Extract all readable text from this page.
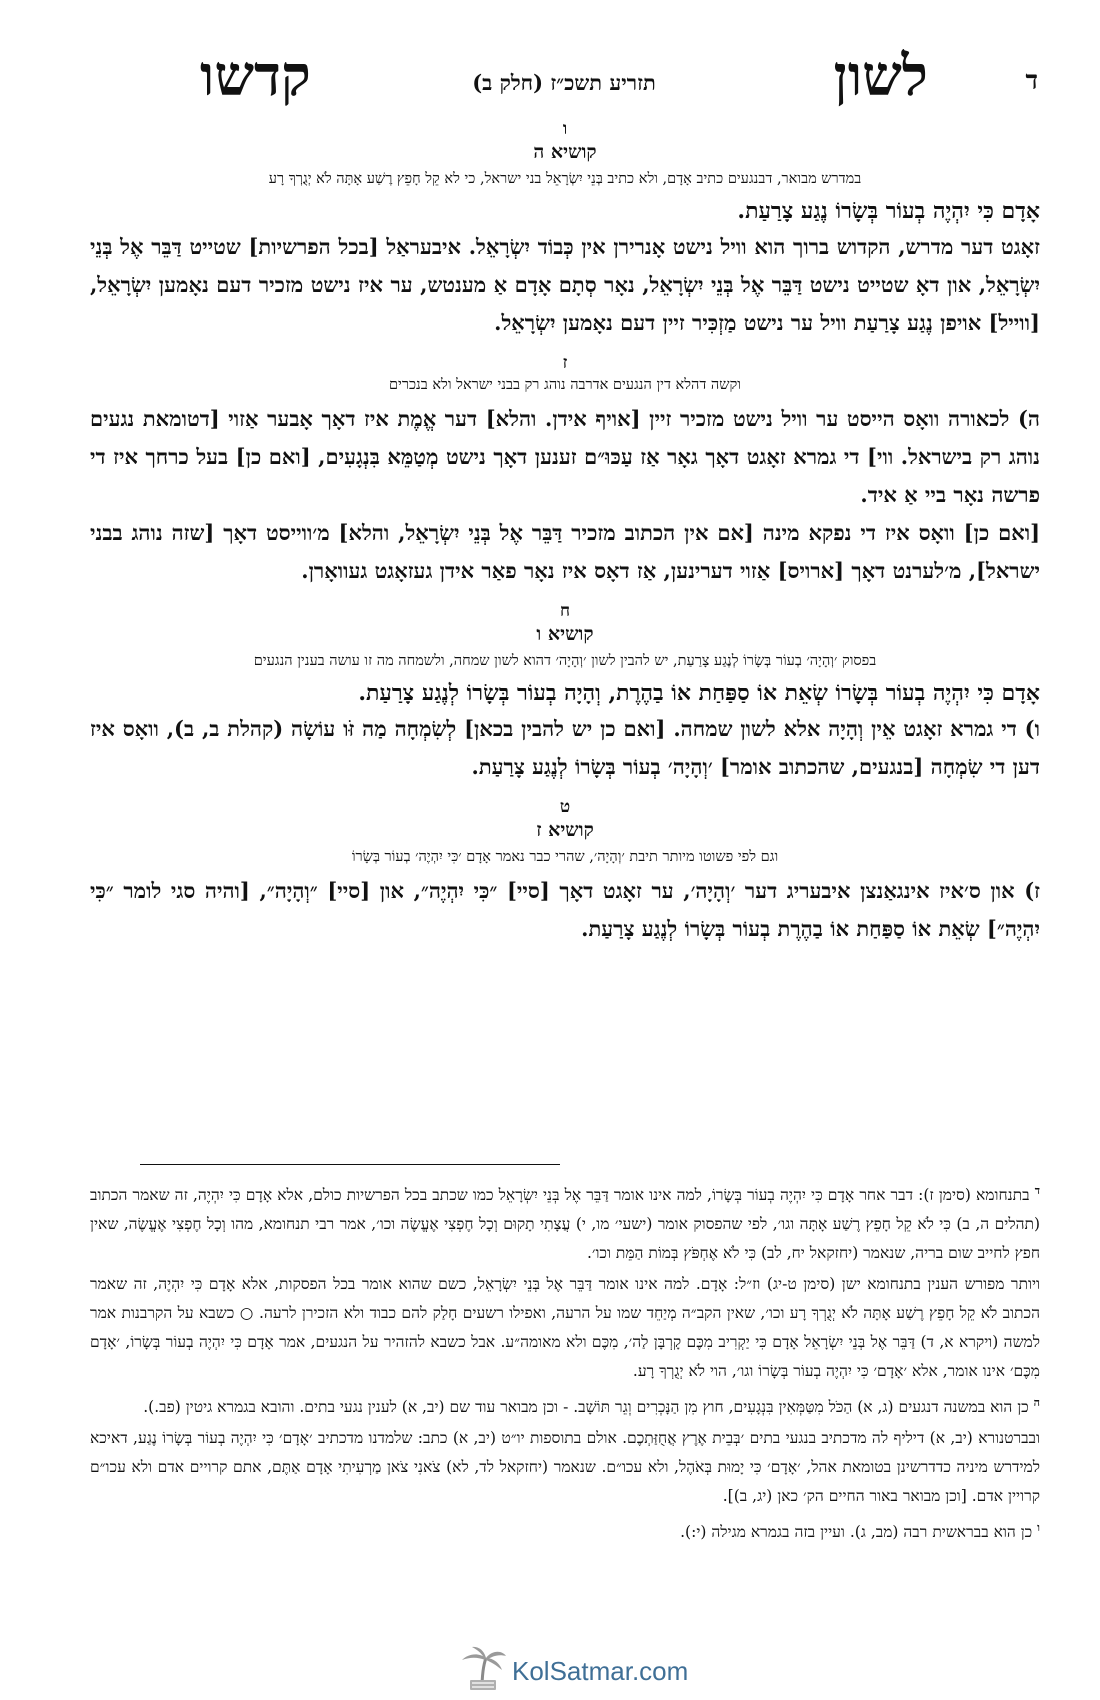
ד
לשון
תזריע תשכ״ז (חלק ב)
קדשו

ו

קושיא ה

במדרש מבואר, דבנגעים כתיב אָדָם, ולא כתיב בְּנֵי יִשְׂרָאֵל בני ישראל, כי לא קֵל חָפֵץ רֶשַׁע אָתָּה לֹא יְגֻרְךָ רָע

אָדָם כִּי יִהְיֶה בְעוֹר בְּשָׂרוֹ נֶגַע צָרַעַת.

זאָגט דער מדרש, הקדוש ברוך הוא וויל נישט אָנרירן אין כְּבוֹד יִשְׂרָאֵל. איבעראַל [בכל הפרשיות] שטייט דַּבֵּר אֶל בְּנֵי יִשְׂרָאֵל, און דאָ שטייט נישט דַּבֵּר אֶל בְּנֵי יִשְׂרָאֵל, נאָר סְתָם אָדָם אַ מענטש, ער איז נישט מזכיר דעם נאָמען יִשְׂרָאֵל, [ווייל] אויפן נֶגַע צָרַעַת וויל ער נישט מַזְכִּיר זיין דעם נאָמען יִשְׂרָאֵל.

ז

וקשה דהלא דין הנגעים אדרבה נוהג רק בבני ישראל ולא בנכרים

ה) לכאורה וואָס הייסט ער וויל נישט מזכיר זיין [אויף אידן. והלא] דער אֱמֶת איז דאָך אָבער אַזוי [דטומאת נגעים נוהג רק בישראל. ווי] די גמרא זאָגט דאָך גאָר אַז עַכּוּ״ם זענען דאָך נישט מְטַמֵּא בִּנְגָעִים, [ואם כן] בעל כרחך איז די פרשה נאָר ביי אַ איד.

[ואם כן] וואָס איז די נפקא מינה [אם אין הכתוב מזכיר דַּבֵּר אֶל בְּנֵי יִשְׂרָאֵל, והלא] מ׳ווייסט דאָך [שזה נוהג בבני ישראל], מ׳לערנט דאָך [ארויס] אַזוי דערינען, אַז דאָס איז נאָר פאַר אידן געזאָגט געוואָרן.

ח

קושיא ו

בפסוק ׳וְהָיָה׳ בְעוֹר בְּשָׂרוֹ לְנֶגַע צָרַעַת, יש להבין לשון ׳וְהָיָה׳ דהוא לשון שמחה, ולשמחה מה זו עושה בענין הנגעים

אָדָם כִּי יִהְיֶה בְעוֹר בְּשָׂרוֹ שְׂאֵת אוֹ סַפַּחַת אוֹ בַהֶרֶת, וְהָיָה בְעוֹר בְּשָׂרוֹ לְנֶגַע צָרַעַת.

ו) די גמרא זאָגט אֵין וְהָיָה אלא לשון שמחה. [ואם כן יש להבין בכאן] לְשִׂמְחָה מַה זֹּו עוֹשָׂה (קהלת ב, ב), וואָס איז דען די שִׂמְחָה [בנגעים, שהכתוב אומר] ׳וְהָיָה׳ בְעוֹר בְּשָׂרוֹ לְנֶגַע צָרַעַת.

ט

קושיא ז

וגם לפי פשוטו מיותר תיבת ׳וְהָיָה׳, שהרי כבר נאמר אָדָם ׳כִּי יִהְיֶה׳ בְעוֹר בְּשָׂרוֹ

ז) און ס׳איז אינגאַנצן איבעריג דער ׳וְהָיָה׳, ער זאָגט דאָך [סיי] ״כִּי יִהְיֶה״, און [סיי] ״וְהָיָה״, [והיה סגי לומר ״כִּי יִהְיֶה״] שְׂאֵת אוֹ סַפַּחַת אוֹ בַהֶרֶת בְעוֹר בְּשָׂרוֹ לְנֶגַע צָרַעַת.

$^ד$ בתנחומא (סימן ז): דבר אחר אָדָם כִּי יִהְיֶה בְעוֹר בְּשָׂרוֹ, למה אינו אומר דַּבֵּר אֶל בְּנֵי יִשְׂרָאֵל כמו שכתב בכל הפרשיות כולם, אלא אָדָם כִּי יִהְיֶה, זה שאמר הכתוב (תהלים ה, ב) כִּי לֹא קֵל חָפֵץ רֶשַׁע אָתָּה וגו׳, לפי שהפסוק אומר (ישעי׳ מו, י) עֲצָתִי תָקוּם וְכָל חֶפְצִי אֶעֱשֶׂה וכו׳, אמר רבי תנחומא, מהו וְכָל חֶפְצִי אֶעֱשֶׂה, שאין חפץ לחייב שום בריה, שנאמר (יחזקאל יח, לב) כִּי לֹא אֶחְפֹּץ בְּמוֹת הַמֵּת וכו׳.

ויותר מפורש הענין בתנחומא ישן (סימן ט-יג) וז״ל: אָדָם. למה אינו אומר דַּבֵּר אֶל בְּנֵי יִשְׂרָאֵל, כשם שהוא אומר בכל הפסקות, אלא אָדָם כִּי יִהְיֶה, זה שאמר הכתוב לֹא קֵל חָפֵץ רֶשַׁע אָתָּה לֹא יְגֻרְךָ רָע וכו׳, שאין הקב״ה מְיַחֵד שמו על הרעה, ואפילו רשעים חָלַק להם כבוד ולא הזכירן לרעה. ○ כשבא על הקרבנות אמר למשה (ויקרא א, ד) דַּבֵּר אֶל בְּנֵי יִשְׂרָאֵל אָדָם כִּי יַקְרִיב מִכֶּם קָרְבָּן לַה׳, מִכֶּם ולא מאומה״ע. אבל כשבא להזהיר על הנגעים, אמר אָדָם כִּי יִהְיֶה בְעוֹר בְּשָׂרוֹ, ׳אָדָם מִכֶּם׳ אינו אומר, אלא ׳אָדָם׳ כִּי יִהְיֶה בְעוֹר בְּשָׂרוֹ וגו׳, הוי לֹא יְגֻרְךָ רָע.

$^ה$ כן הוא במשנה דנגעים (ג, א) הַכֹּל מִטַּמְּאִין בִּנְגָעִים, חוץ מִן הַנָּכְרִים וְגֵר תּוֹשָׁב. - וכן מבואר עוד שם (יב, א) לענין נגעי בתים. והובא בגמרא גיטין (פב.).

ובברטנורא (יב, א) דיליף לה מדכתיב בנגעי בתים ׳בְּבֵית אֶרֶץ אֲחֻזַּתְכֶם. אולם בתוספות יו״ט (יב, א) כתב: שלמדנו מדכתיב ׳אָדָם׳ כִּי יִהְיֶה בְעוֹר בְּשָׂרוֹ נֶגַע, דאיכא למידרש מיניה כדדרשינן בטומאת אהל, ׳אָדָם׳ כִּי יָמוּת בְּאֹהֶל, ולא עכו״ם. שנאמר (יחזקאל לד, לא) צֹאנִי צֹאן מַרְעִיתִי אָדָם אַתֶּם, אתם קרויים אדם ולא עכו״ם קרויין אדם. [וכן מבואר באור החיים הק׳ כאן (יג, ב)].

$^ו$ כן הוא בבראשית רבה (מב, ג). ועיין בזה בגמרא מגילה (י:).

KolSatmar.com
